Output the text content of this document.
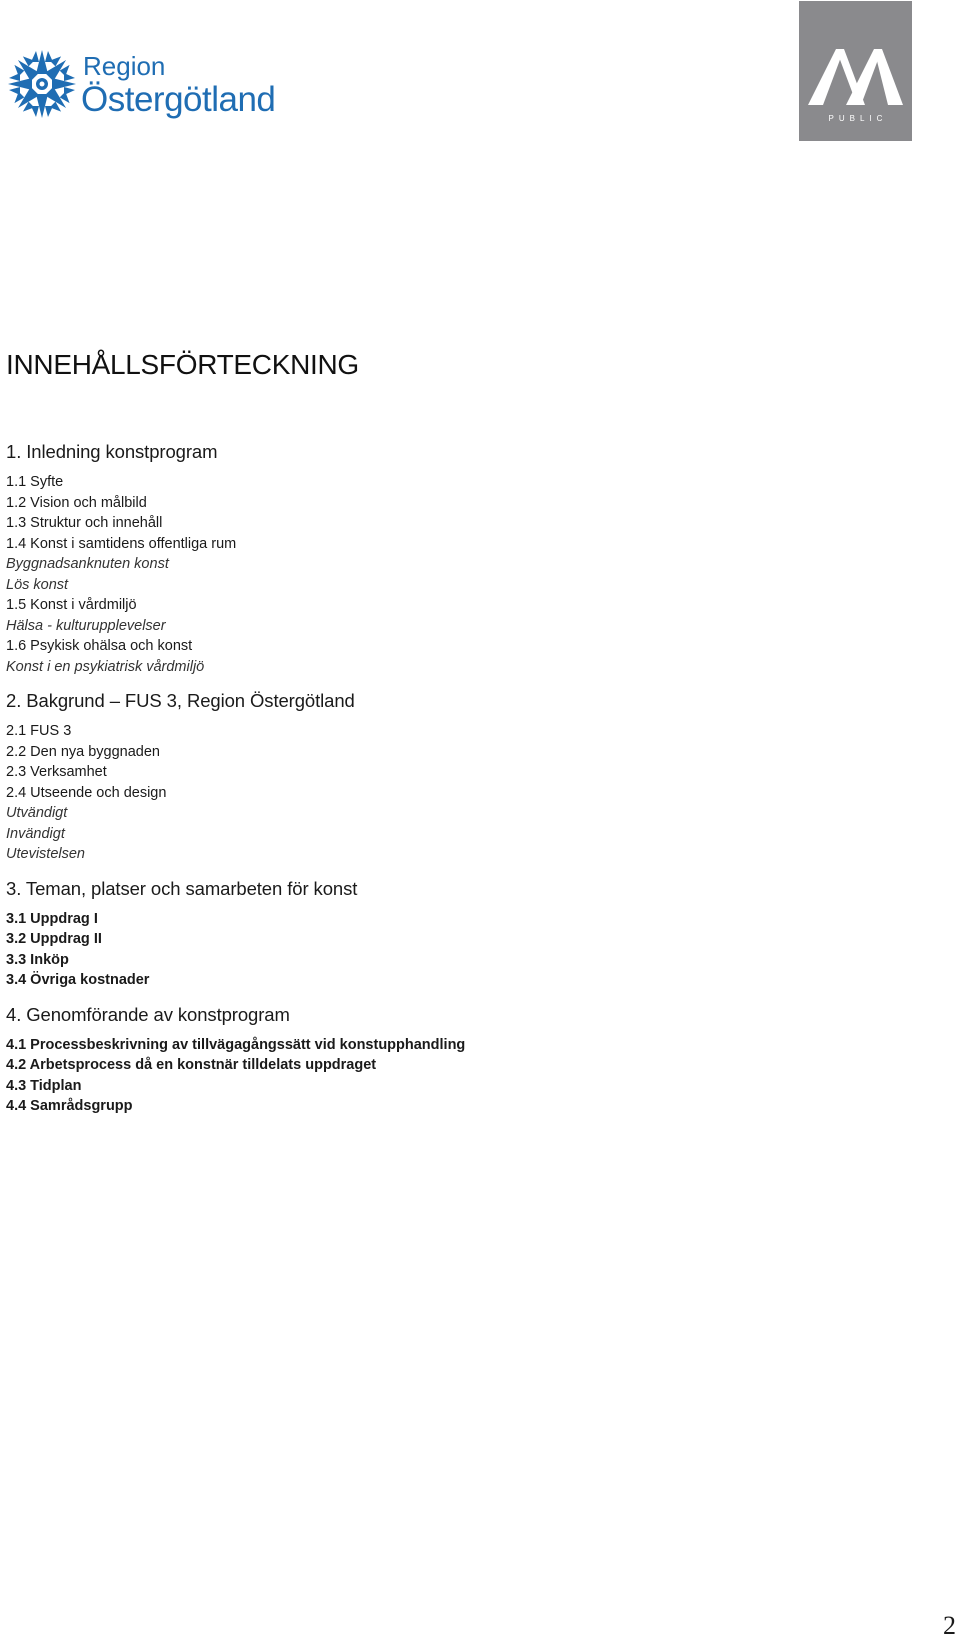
Region
Östergötland	PUBLIC
INNEHÅLLSFÖRTECKNING
1. Inledning konstprogram
1.1 Syfte
1.2 Vision och målbild
1.3 Struktur och innehåll
1.4 Konst i samtidens offentliga rum
Byggnadsanknuten konst
Lös konst
1.5 Konst i vårdmiljö
Hälsa - kulturupplevelser
1.6 Psykisk ohälsa och konst
Konst i en psykiatrisk vårdmiljö
2. Bakgrund – FUS 3, Region Östergötland
2.1 FUS 3
2.2 Den nya byggnaden
2.3 Verksamhet
2.4 Utseende och design
Utvändigt
Invändigt
Utevistelsen
3. Teman, platser och samarbeten för konst
3.1 Uppdrag I
3.2 Uppdrag II
3.3 Inköp
3.4 Övriga kostnader
4. Genomförande av konstprogram
4.1 Processbeskrivning av tillvägagångssätt vid konstupphandling
4.2 Arbetsprocess då en konstnär tilldelats uppdraget
4.3 Tidplan
4.4 Samrådsgrupp
2
